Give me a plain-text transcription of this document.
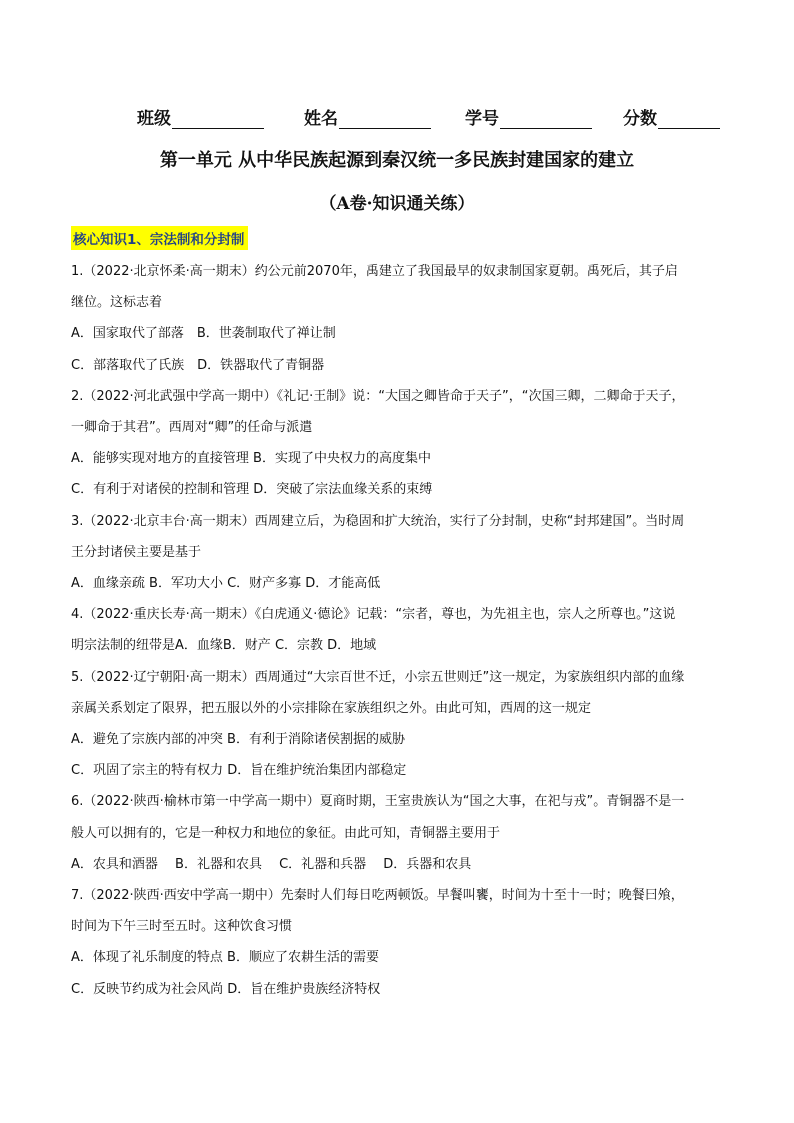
班级	姓名	学号	分数
第一单元 从中华民族起源到秦汉统一多民族封建国家的建立
（A卷·知识通关练）
核心知识1、宗法制和分封制

1.（2022·北京怀柔·高一期末）约公元前2070年，禹建立了我国最早的奴隶制国家夏朝。禹死后，其子启

继位。这标志着

A．国家取代了部落　B．世袭制取代了禅让制

C．部落取代了氏族　D．铁器取代了青铜器

2.（2022·河北武强中学高一期中）《礼记·王制》说：“大国之卿皆命于天子”，“次国三卿，二卿命于天子，

一卿命于其君”。西周对“卿”的任命与派遣

A．能够实现对地方的直接管理 B．实现了中央权力的高度集中

C．有利于对诸侯的控制和管理 D．突破了宗法血缘关系的束缚

3.（2022·北京丰台·高一期末）西周建立后，为稳固和扩大统治，实行了分封制，史称“封邦建国”。当时周

王分封诸侯主要是基于

A．血缘亲疏 B．军功大小 C．财产多寡 D．才能高低

4.（2022·重庆长寿·高一期末）《白虎通义·德论》记载：“宗者，尊也，为先祖主也，宗人之所尊也。”这说

明宗法制的纽带是A．血缘B．财产 C．宗教 D．地域

5.（2022·辽宁朝阳·高一期末）西周通过“大宗百世不迁，小宗五世则迁”这一规定，为家族组织内部的血缘

亲属关系划定了限界，把五服以外的小宗排除在家族组织之外。由此可知，西周的这一规定

A．避免了宗族内部的冲突 B．有利于消除诸侯割据的威胁

C．巩固了宗主的特有权力 D．旨在维护统治集团内部稳定

6.（2022·陕西·榆林市第一中学高一期中）夏商时期，王室贵族认为“国之大事，在祀与戎”。青铜器不是一

般人可以拥有的，它是一种权力和地位的象征。由此可知，青铜器主要用于

A．农具和酒器　 B．礼器和农具　 C．礼器和兵器　 D．兵器和农具

7.（2022·陕西·西安中学高一期中）先秦时人们每日吃两顿饭。早餐叫饔，时间为十至十一时；晚餐曰飧，

时间为下午三时至五时。这种饮食习惯

A．体现了礼乐制度的特点 B．顺应了农耕生活的需要

C．反映节约成为社会风尚 D．旨在维护贵族经济特权
